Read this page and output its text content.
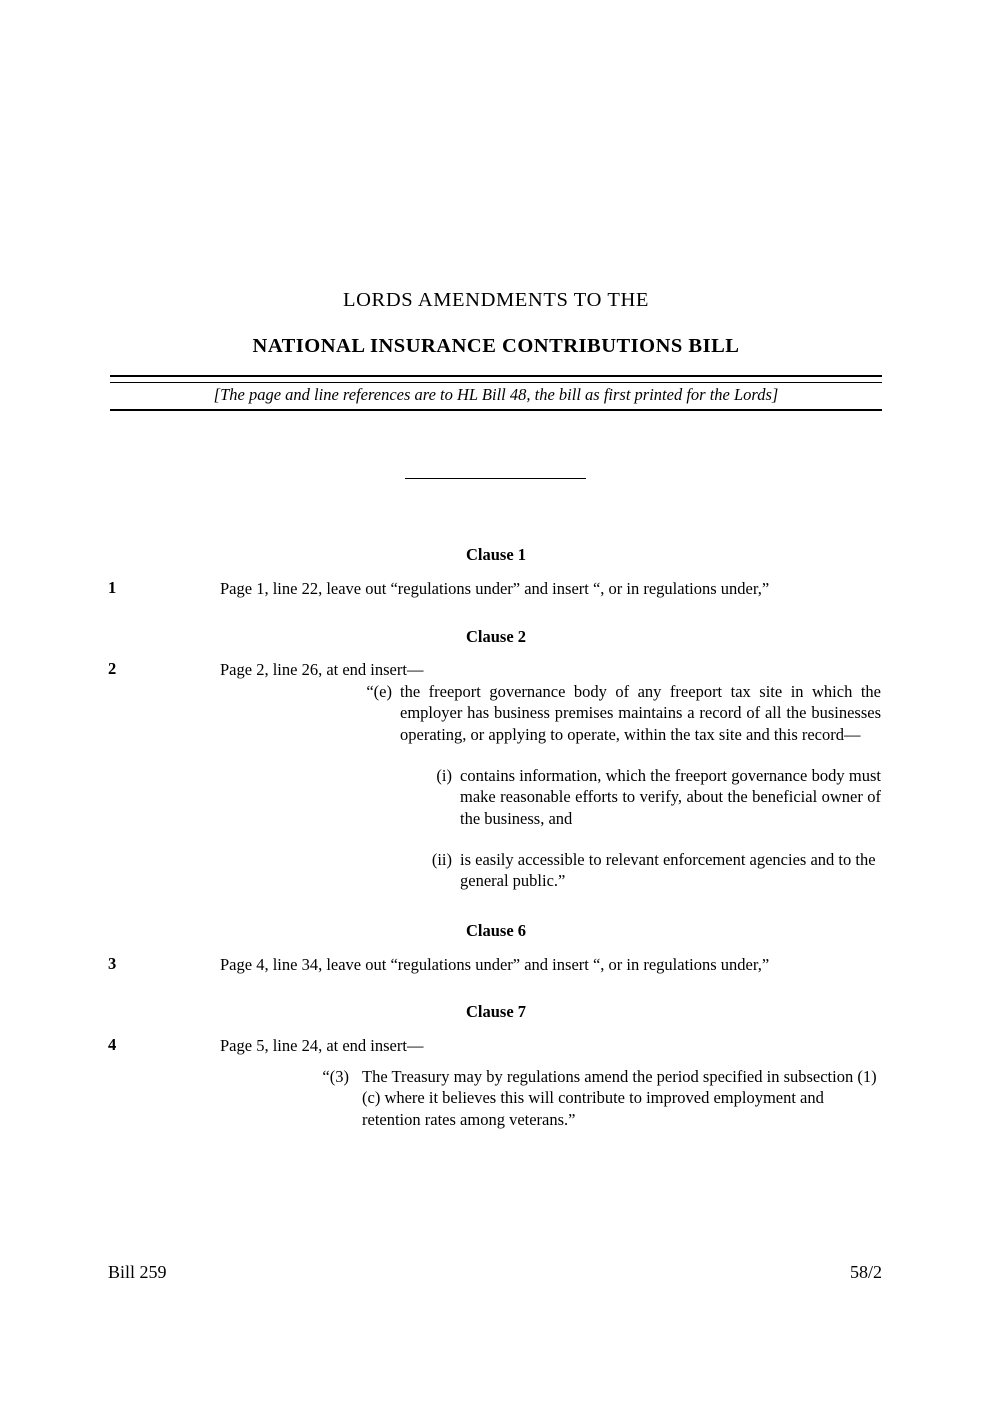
LORDS AMENDMENTS TO THE
NATIONAL INSURANCE CONTRIBUTIONS BILL
[The page and line references are to HL Bill 48, the bill as first printed for the Lords]
Clause 1
1	Page 1, line 22, leave out “regulations under” and insert “, or in regulations under,”
Clause 2
2	Page 2, line 26, at end insert—
“(e) the freeport governance body of any freeport tax site in which the employer has business premises maintains a record of all the businesses operating, or applying to operate, within the tax site and this record—
(i) contains information, which the freeport governance body must make reasonable efforts to verify, about the beneficial owner of the business, and
(ii) is easily accessible to relevant enforcement agencies and to the general public.”
Clause 6
3	Page 4, line 34, leave out “regulations under” and insert “, or in regulations under,”
Clause 7
4	Page 5, line 24, at end insert—
“(3) The Treasury may by regulations amend the period specified in subsection (1)(c) where it believes this will contribute to improved employment and retention rates among veterans.”
Bill 259	58/2
